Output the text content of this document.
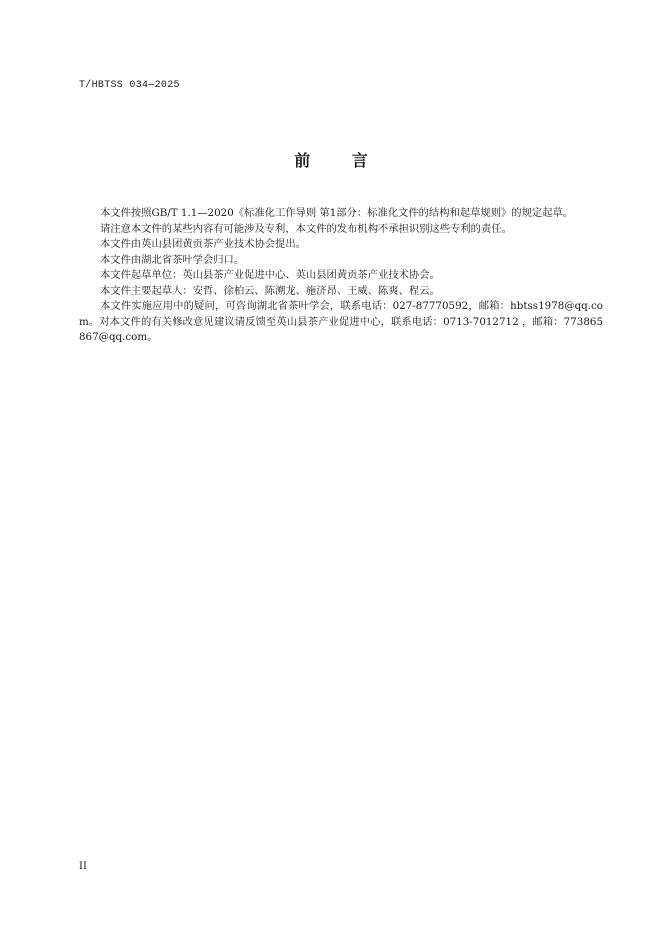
T/HBTSS 034—2025
前 言

本文件按照GB/T 1.1—2020《标准化工作导则 第1部分：标准化文件的结构和起草规则》的规定起草。

请注意本文件的某些内容有可能涉及专利，本文件的发布机构不承担识别这些专利的责任。

本文件由英山县团黄贡茶产业技术协会提出。

本文件由湖北省茶叶学会归口。

本文件起草单位：英山县茶产业促进中心、英山县团黄贡茶产业技术协会。

本文件主要起草人：安哲、徐柏云、陈溯龙、施济昂、王威、陈爽、程云。

本文件实施应用中的疑问，可咨询湖北省茶叶学会，联系电话：027-87770592，邮箱：hbtss1978@qq.com。对本文件的有关修改意见建议请反馈至英山县茶产业促进中心，联系电话：0713-7012712 ，邮箱：773865867@qq.com。

II
